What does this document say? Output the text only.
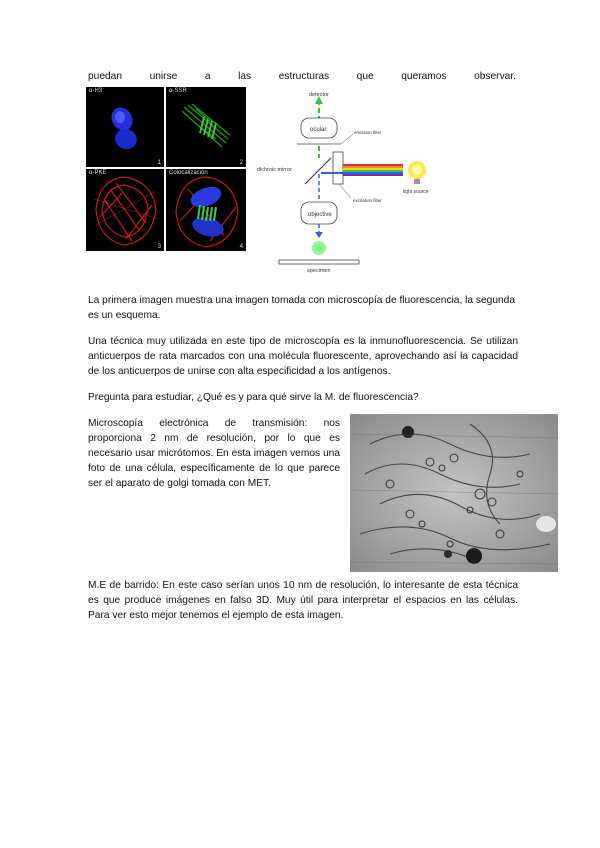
puedan	unirse	a	las	estructuras	que	queramos	observar.
α-H3
1
α-SSR
2
α-PKE
3
Colocalización
4
detector
ocular	emission filter
dichroic mirror
excitation filter
light source
objective
specimen
La primera imagen muestra una imagen tomada con microscopía de fluorescencia, la segunda es un esquema.
Una técnica muy utilizada en este tipo de microscopía es la inmunofluorescencia. Se utilizan anticuerpos de rata marcados con una molécula fluorescente, aprovechando así la capacidad de los anticuerpos de unirse con alta especificidad a los antígenos.
Pregunta para estudiar, ¿Qué es y para qué sirve la M. de fluorescencia?
Microscopía electrónica de transmisión: nos proporciona 2 nm de resolución, por lo que es necesario usar micrótomos. En esta imagen vemos una foto de una célula, específicamente de lo que parece ser el aparato de golgi tomada con MET.
M.E de barrido: En este caso serían unos 10 nm de resolución, lo interesante de esta técnica es que produce imágenes en falso 3D. Muy útil para interpretar el espacios en las células. Para ver esto mejor tenemos el ejemplo de esta imagen.
